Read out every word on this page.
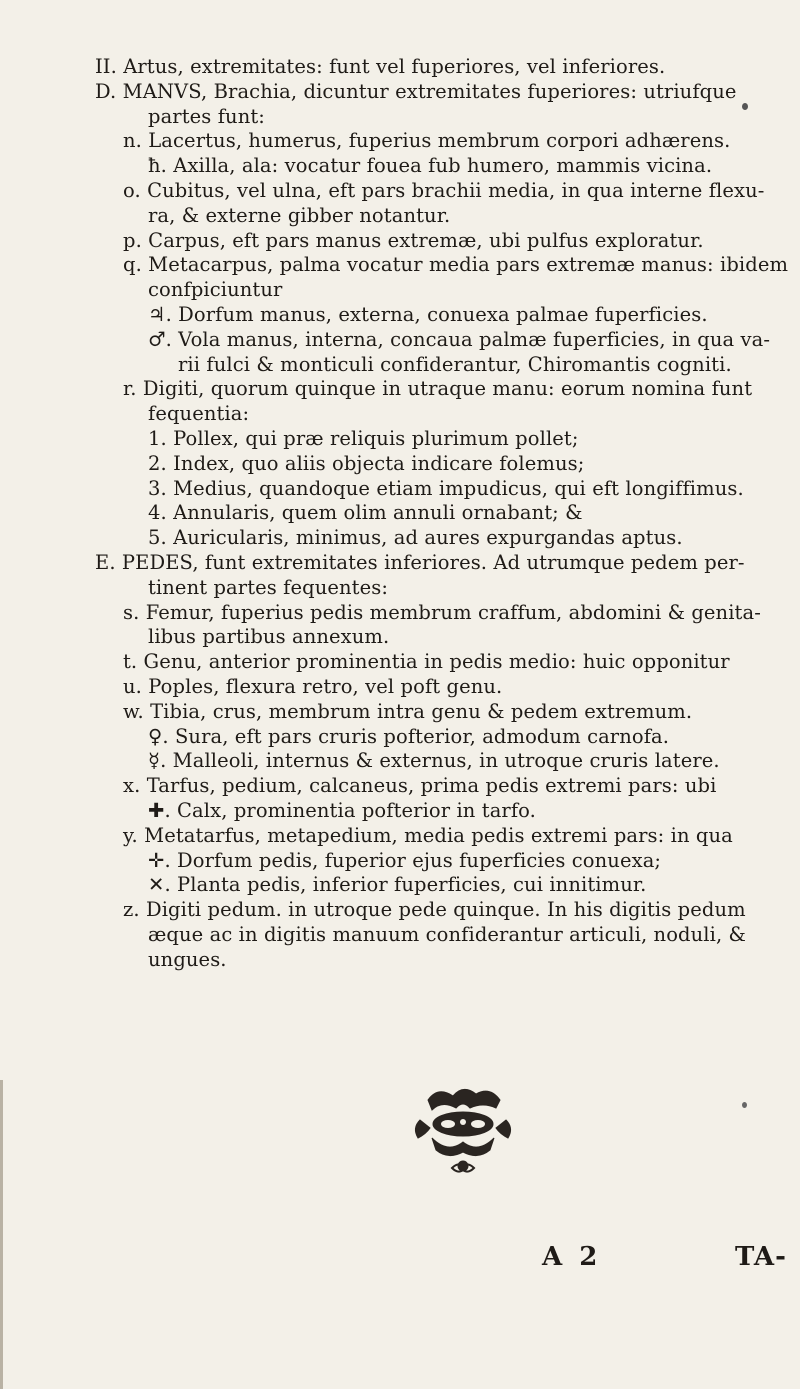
II. Artus, extremitates: funt vel fuperiores, vel inferiores.
D. MANVS, Brachia, dicuntur extremitates fuperiores: utriufque
partes funt:
n. Lacertus, humerus, fuperius membrum corpori adhærens.
ħ. Axilla, ala: vocatur fouea fub humero, mammis vicina.
o. Cubitus, vel ulna, eft pars brachii media, in qua interne flexu-
ra, & externe gibber notantur.
p. Carpus, eft pars manus extremæ, ubi pulfus exploratur.
q. Metacarpus, palma vocatur media pars extremæ manus: ibidem
confpiciuntur
♃. Dorfum manus, externa, conuexa palmae fuperficies.
♂. Vola manus, interna, concaua palmæ fuperficies, in qua va-
rii fulci & monticuli confiderantur, Chiromantis cogniti.
r. Digiti, quorum quinque in utraque manu: eorum nomina funt
fequentia:
1. Pollex, qui præ reliquis plurimum pollet;
2. Index, quo aliis objecta indicare folemus;
3. Medius, quandoque etiam impudicus, qui eft longiffimus.
4. Annularis, quem olim annuli ornabant; &
5. Auricularis, minimus, ad aures expurgandas aptus.
E. PEDES, funt extremitates inferiores. Ad utrumque pedem per-
tinent partes fequentes:
s. Femur, fuperius pedis membrum craffum, abdomini & genita-
libus partibus annexum.
t. Genu, anterior prominentia in pedis medio: huic opponitur
u. Poples, flexura retro, vel poft genu.
w. Tibia, crus, membrum intra genu & pedem extremum.
♀. Sura, eft pars cruris pofterior, admodum carnofa.
☿. Malleoli, internus & externus, in utroque cruris latere.
x. Tarfus, pedium, calcaneus, prima pedis extremi pars: ubi
✚. Calx, prominentia pofterior in tarfo.
y. Metatarfus, metapedium, media pedis extremi pars: in qua
✛. Dorfum pedis, fuperior ejus fuperficies conuexa;
✕. Planta pedis, inferior fuperficies, cui innitimur.
z. Digiti pedum. in utroque pede quinque. In his digitis pedum
æque ac in digitis manuum confiderantur articuli, noduli, &
ungues.
A 2	TA-
